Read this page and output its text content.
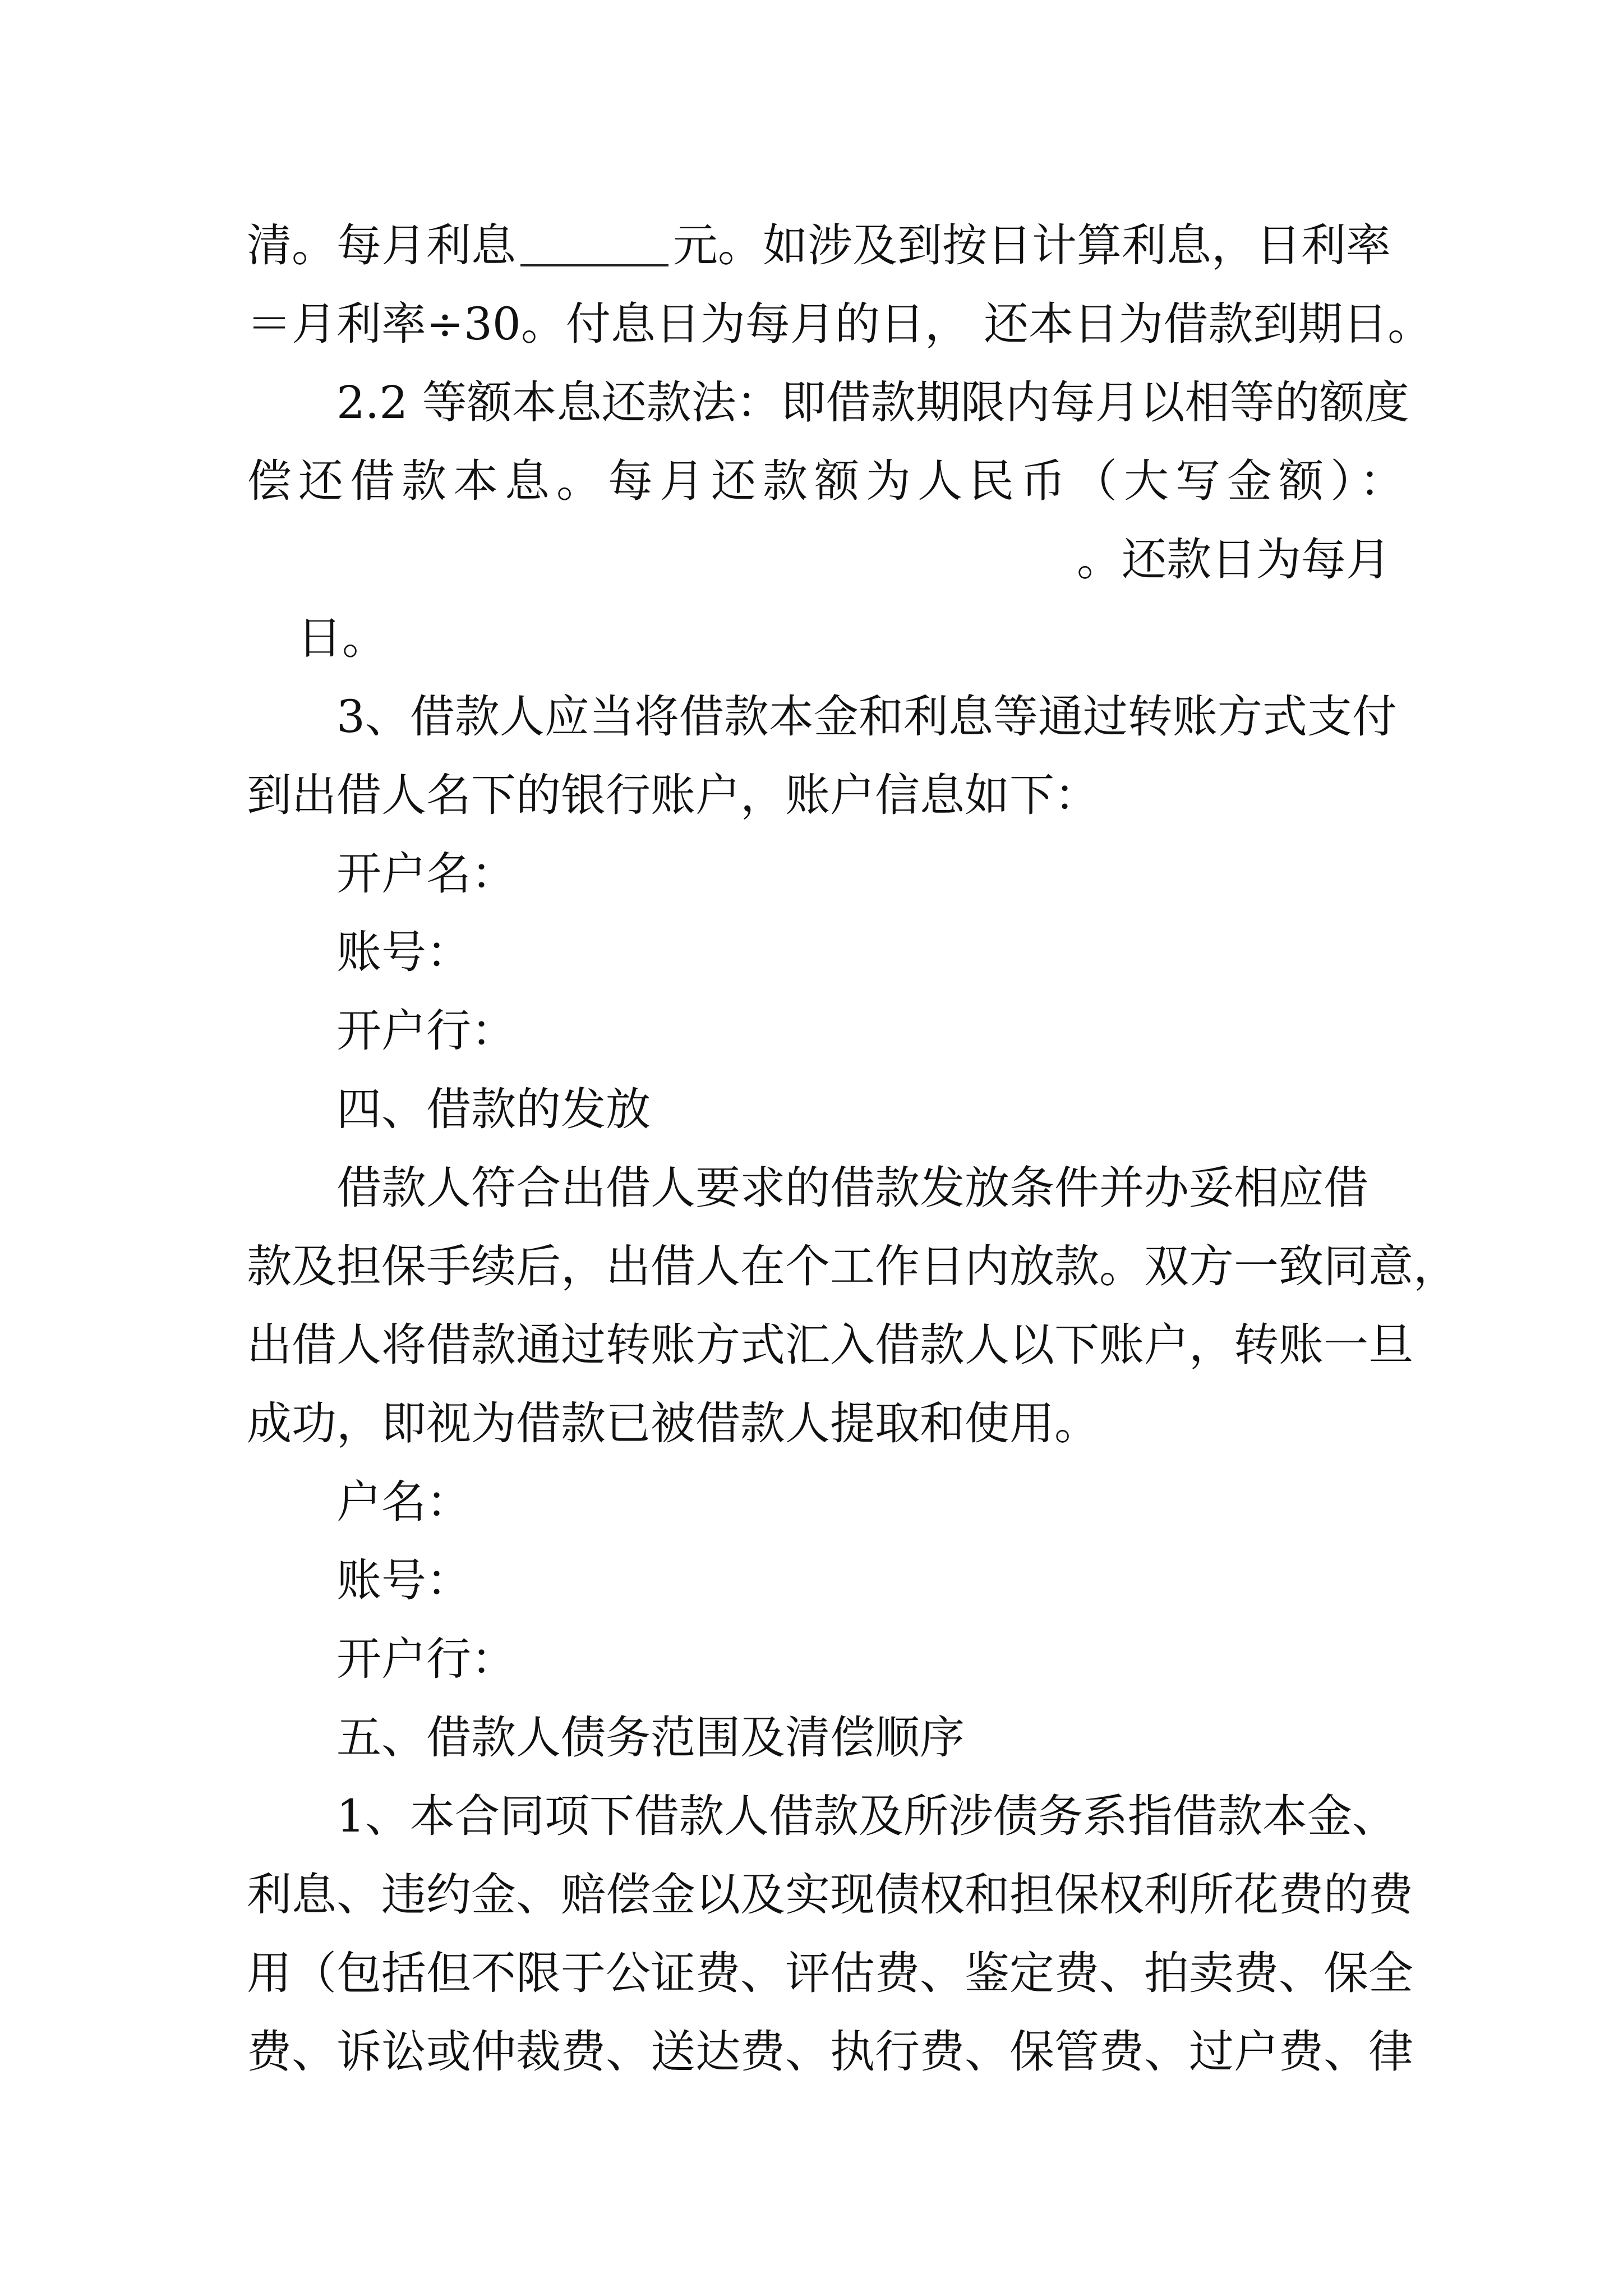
清。每月利息	元。如涉及到按日计算利息，日利率
＝月利率÷30。付息日为每月的日， 还本日为借款到期日。
2.2 等额本息还款法：即借款期限内每月以相等的额度
偿还借款本息。每月还款额为人民币（大写金额）：
。还款日为每月
日。
3、借款人应当将借款本金和利息等通过转账方式支付
到出借人名下的银行账户，账户信息如下：
开户名：
账号：
开户行：
四、借款的发放
借款人符合出借人要求的借款发放条件并办妥相应借
款及担保手续后，出借人在个工作日内放款。双方一致同意，
出借人将借款通过转账方式汇入借款人以下账户，转账一旦
成功，即视为借款已被借款人提取和使用。
户名：
账号：
开户行：
五、借款人债务范围及清偿顺序
1、本合同项下借款人借款及所涉债务系指借款本金、
利息、违约金、赔偿金以及实现债权和担保权利所花费的费
用（包括但不限于公证费、评估费、鉴定费、拍卖费、保全
费、诉讼或仲裁费、送达费、执行费、保管费、过户费、律
